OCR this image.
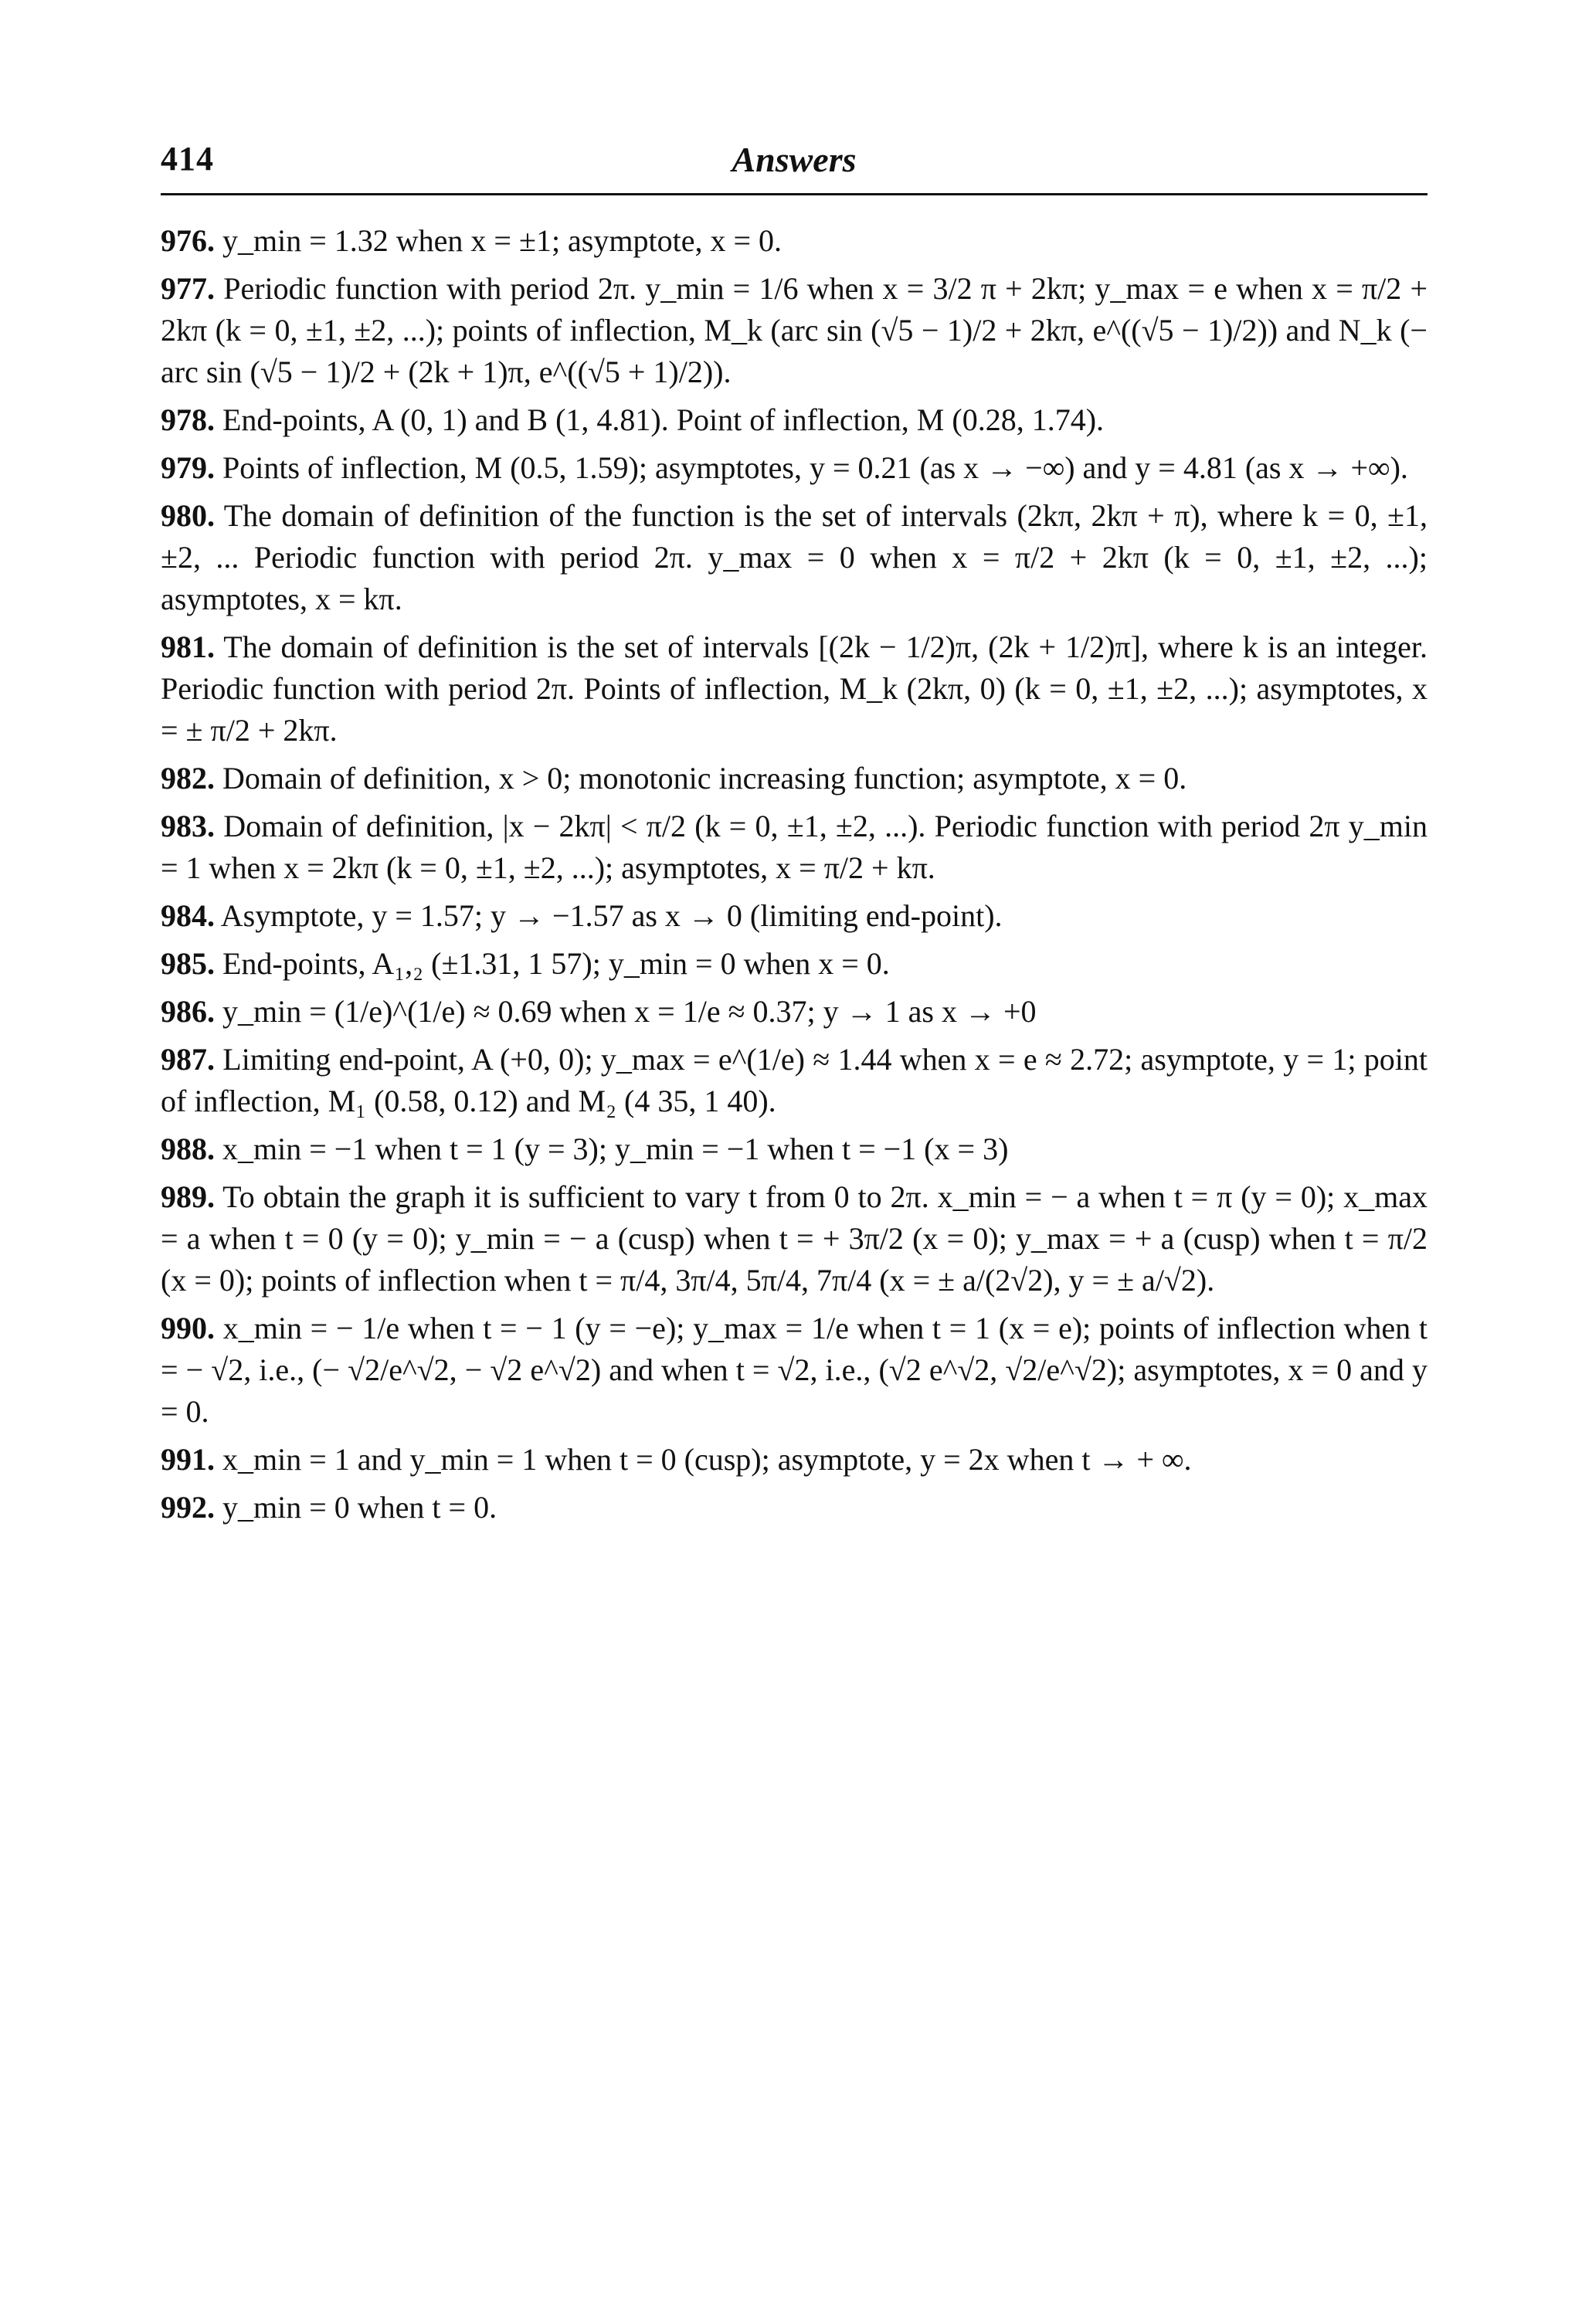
414	Answers

976. y_min = 1.32 when x = ±1; asymptote, x = 0.

977. Periodic function with period 2π. y_min = 1/6 when x = 3/2 π + 2kπ; y_max = e when x = π/2 + 2kπ (k = 0, ±1, ±2, ...); points of inflection, M_k (arc sin (√5 − 1)/2 + 2kπ, e^((√5 − 1)/2)) and N_k (− arc sin (√5 − 1)/2 + (2k + 1)π, e^((√5 + 1)/2)).

978. End-points, A (0, 1) and B (1, 4.81). Point of inflection, M (0.28, 1.74).

979. Points of inflection, M (0.5, 1.59); asymptotes, y = 0.21 (as x → −∞) and y = 4.81 (as x → +∞).

980. The domain of definition of the function is the set of intervals (2kπ, 2kπ + π), where k = 0, ±1, ±2, ... Periodic function with period 2π. y_max = 0 when x = π/2 + 2kπ (k = 0, ±1, ±2, ...); asymptotes, x = kπ.

981. The domain of definition is the set of intervals [(2k − 1/2)π, (2k + 1/2)π], where k is an integer. Periodic function with period 2π. Points of inflection, M_k (2kπ, 0) (k = 0, ±1, ±2, ...); asymptotes, x = ± π/2 + 2kπ.

982. Domain of definition, x > 0; monotonic increasing function; asymptote, x = 0.

983. Domain of definition, |x − 2kπ| < π/2 (k = 0, ±1, ±2, ...). Periodic function with period 2π y_min = 1 when x = 2kπ (k = 0, ±1, ±2, ...); asymptotes, x = π/2 + kπ.

984. Asymptote, y = 1.57; y → −1.57 as x → 0 (limiting end-point).

985. End-points, A₁,₂ (±1.31, 1 57); y_min = 0 when x = 0.

986. y_min = (1/e)^(1/e) ≈ 0.69 when x = 1/e ≈ 0.37; y → 1 as x → +0

987. Limiting end-point, A (+0, 0); y_max = e^(1/e) ≈ 1.44 when x = e ≈ 2.72; asymptote, y = 1; point of inflection, M₁ (0.58, 0.12) and M₂ (4 35, 1 40).

988. x_min = −1 when t = 1 (y = 3); y_min = −1 when t = −1 (x = 3)

989. To obtain the graph it is sufficient to vary t from 0 to 2π. x_min = − a when t = π (y = 0); x_max = a when t = 0 (y = 0); y_min = − a (cusp) when t = + 3π/2 (x = 0); y_max = + a (cusp) when t = π/2 (x = 0); points of inflection when t = π/4, 3π/4, 5π/4, 7π/4 (x = ± a/(2√2), y = ± a/√2).

990. x_min = − 1/e when t = − 1 (y = −e); y_max = 1/e when t = 1 (x = e); points of inflection when t = − √2, i.e., (− √2/e^√2, − √2 e^√2) and when t = √2, i.e., (√2 e^√2, √2/e^√2); asymptotes, x = 0 and y = 0.

991. x_min = 1 and y_min = 1 when t = 0 (cusp); asymptote, y = 2x when t → + ∞.

992. y_min = 0 when t = 0.
